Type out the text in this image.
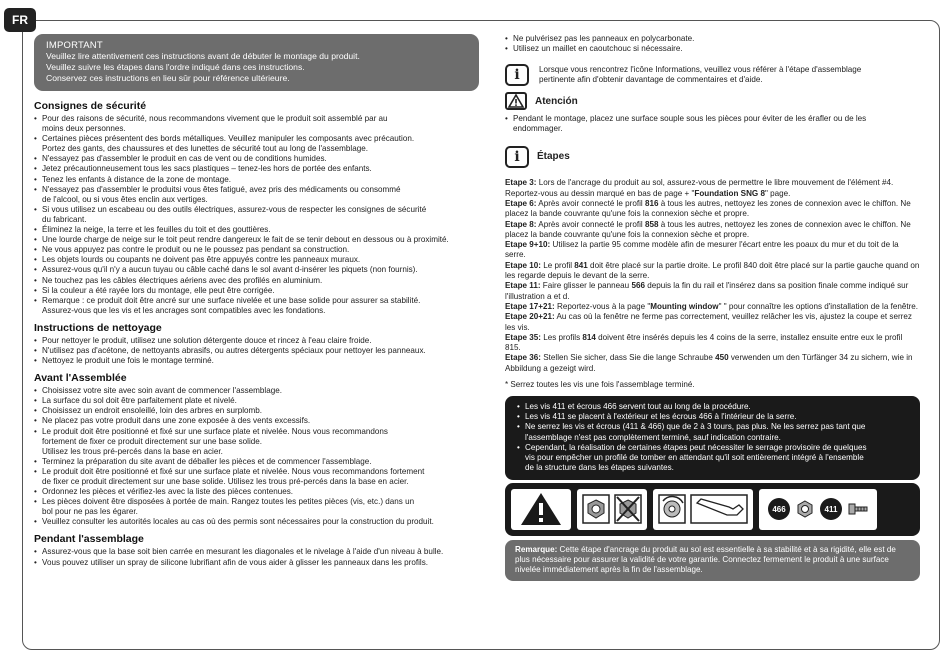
FR
IMPORTANT
Veuillez lire attentivement ces instructions avant de débuter le montage du produit.
Veuillez suivre les étapes dans l'ordre indiqué dans ces instructions.
Conservez ces instructions en lieu sûr pour référence ultérieure.
Consignes de sécurité
• Pour des raisons de sécurité, nous recommandons vivement que le produit soit assemblé par au
moins deux personnes.
• Certaines pièces présentent des bords métalliques. Veuillez manipuler les composants avec précaution.
Portez des gants, des chaussures et des lunettes de sécurité tout au long de l'assemblage.
• N'essayez pas d'assembler le produit en cas de vent ou de conditions humides.
• Jetez précautionneusement tous les sacs plastiques – tenez-les hors de portée des enfants.
• Tenez les enfants à distance de la zone de montage.
• N'essayez pas d'assembler le produitsi vous êtes fatigué, avez pris des médicaments ou consommé
de l'alcool, ou si vous êtes enclin aux vertiges.
• Si vous utilisez un escabeau ou des outils électriques, assurez-vous de respecter les consignes de sécurité
du fabricant.
• Éliminez la neige, la terre et les feuilles du toit et des gouttières.
• Une lourde charge de neige sur le toit peut rendre dangereux le fait de se tenir debout en dessous ou à proximité.
• Ne vous appuyez pas contre le produit ou ne le poussez pas pendant sa construction.
• Les objets lourds ou coupants ne doivent pas être appuyés contre les panneaux muraux.
• Assurez-vous qu'il n'y a aucun tuyau ou câble caché dans le sol avant d‑insérer les piquets (non fournis).
• Ne touchez pas les câbles électriques aériens avec des profilés en aluminium.
• Si la couleur a été rayée lors du montage, elle peut être corrigée.
• Remarque : ce produit doit être ancré sur une surface nivelée et une base solide pour assurer sa stabilité.
Assurez-vous que les vis et les ancrages sont compatibles avec les fondations.
Instructions de nettoyage
• Pour nettoyer le produit, utilisez une solution détergente douce et rincez à l'eau claire froide.
• N'utilisez pas d'acétone, de nettoyants abrasifs, ou autres détergents spéciaux pour nettoyer les panneaux.
• Nettoyez le produit une fois le montage terminé.
Avant l'Assemblée
• Choisissez votre site avec soin avant de commencer l'assemblage.
• La surface du sol doit être parfaitement plate et nivelé.
• Choisissez un endroit ensoleillé, loin des arbres en surplomb.
• Ne placez pas votre produit dans une zone exposée à des vents excessifs.
• Le produit doit être positionné et fixé sur une surface plate et nivelée. Nous vous recommandons
fortement de fixer ce produit directement sur une base solide.
Utilisez les trous pré-percés dans la base en acier.
• Terminez la préparation du site avant de déballer les pièces et de commencer l'assemblage.
• Le produit doit être positionné et fixé sur une surface plate et nivelée. Nous vous recommandons fortement
de fixer ce produit directement sur une base solide. Utilisez les trous pré-percés dans la base en acier.
• Ordonnez les pièces et vérifiez-les avec la liste des pièces contenues.
• Les pièces doivent être disposées à portée de main. Rangez toutes les petites pièces (vis, etc.) dans un
bol pour ne pas les égarer.
• Veuillez consulter les autorités locales au cas où des permis sont nécessaires pour la construction du produit.
Pendant l'assemblage
• Assurez-vous que la base soit bien carrée en mesurant les diagonales et le nivelage à l'aide d'un niveau à bulle.
• Vous pouvez utiliser un spray de silicone lubrifiant afin de vous aider à glisser les panneaux dans les profils.
• Ne pulvérisez pas les panneaux en polycarbonate.
• Utilisez un maillet en caoutchouc si nécessaire.
i	Lorsque vous rencontrez l'icône Informations, veuillez vous référer à l'étape d'assemblage
pertinente afin d'obtenir davantage de commentaires et d'aide.
Atención
• Pendant le montage, placez une surface souple sous les pièces pour éviter de les érafler ou de les
endommager.
i	Étapes

Etape 3: Lors de l'ancrage du produit au sol, assurez-vous de permettre le libre mouvement de l'élément #4. Reportez-vous au dessin marqué en bas de page + "Foundation SNG 8" page.

Etape 6: Après avoir connecté le profil 816 à tous les autres, nettoyez les zones de connexion avec le chiffon. Ne placez la bande couvrante qu'une fois la connexion sèche et propre.

Etape 8: Après avoir connecté le profil 858 à tous les autres, nettoyez les zones de connexion avec le chiffon. Ne placez la bande couvrante qu'une fois la connexion sèche et propre.

Etape 9+10: Utilisez la partie 95 comme modèle afin de mesurer l'écart entre les poaux du mur et du toit de la serre.

Etape 10: Le profil 841 doit être placé sur la partie droite. Le profil 840 doit être placé sur la partie gauche quand on les regarde depuis le devant de la serre.

Etape 11: Faire glisser le panneau 566 depuis la fin du rail et l'insérez dans sa position finale comme indiqué sur l'illustration a et d.

Etape 17+21: Reportez-vous à la page "Mounting window" " pour connaître les options d'installation de la fenêtre.

Etape 20+21: Au cas où la fenêtre ne ferme pas correctement, veuillez relâcher les vis, ajustez la coupe et serrez les vis.

Etape 35: Les profils 814 doivent être insérés depuis les 4 coins de la serre, installez ensuite entre eux le profil 815.

Etape 36: Stellen Sie sicher, dass Sie die lange Schraube 450 verwenden um den Türfänger 34 zu sichern, wie in Abbildung a gezeigt wird.

* Serrez toutes les vis une fois l'assemblage terminé.
• Les vis 411 et écrous 466 servent tout au long de la procédure.
• Les vis 411 se placent à l'extérieur et les écrous 466 à l'intérieur de la serre.
• Ne serrez les vis et écrous (411 & 466) que de 2 à 3 tours, pas plus. Ne les serrez pas tant que
l'assemblage n'est pas complètement terminé, sauf indication contraire.
• Cependant, la réalisation de certaines étapes peut nécessiter le serrage provisoire de quelques
vis pour empêcher un profilé de tomber en attendant qu'il soit entièrement intégré à l'ensemble
de la structure dans les étapes suivantes.
466	411
Remarque: Cette étape d'ancrage du produit au sol est essentielle à sa stabilité et à sa rigidité, elle est de plus nécessaire pour assurer la validité de votre garantie. Connectez fermement le produit à une surface nivelée immédiatement après la fin de l'assemblage.
